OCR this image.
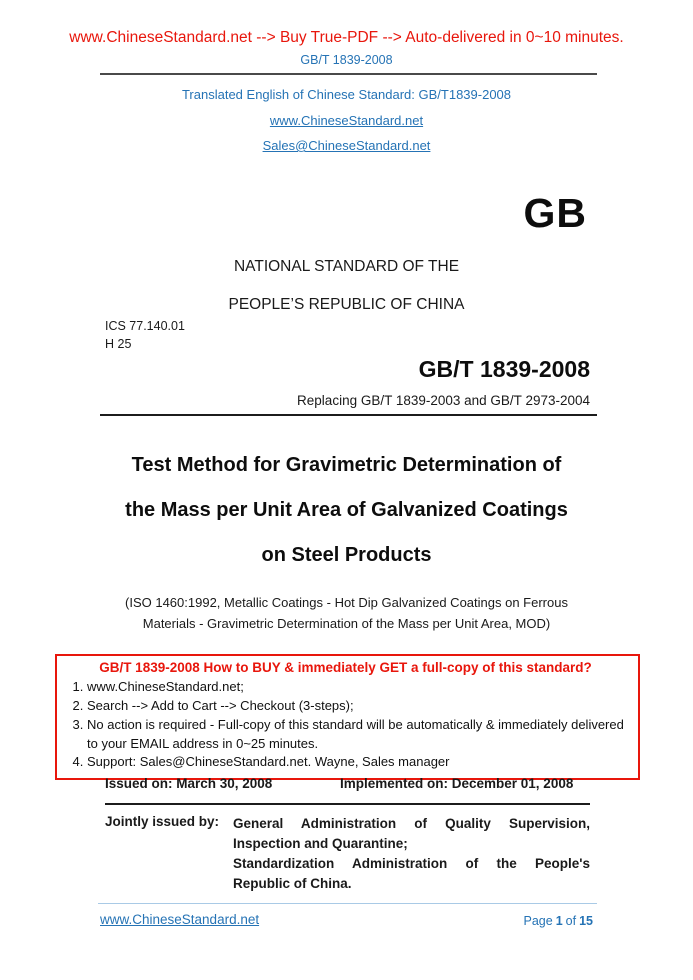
www.ChineseStandard.net --> Buy True-PDF --> Auto-delivered in 0~10 minutes.
GB/T 1839-2008
Translated English of Chinese Standard: GB/T1839-2008
www.ChineseStandard.net
Sales@ChineseStandard.net
GB
NATIONAL STANDARD OF THE
PEOPLE’S REPUBLIC OF CHINA
ICS 77.140.01
H 25
GB/T 1839-2008
Replacing GB/T 1839-2003 and GB/T 2973-2004
Test Method for Gravimetric Determination of
the Mass per Unit Area of Galvanized Coatings
on Steel Products
(ISO 1460:1992, Metallic Coatings - Hot Dip Galvanized Coatings on Ferrous Materials - Gravimetric Determination of the Mass per Unit Area, MOD)
GB/T 1839-2008 How to BUY & immediately GET a full-copy of this standard?
1. www.ChineseStandard.net;
2. Search --> Add to Cart --> Checkout (3-steps);
3. No action is required - Full-copy of this standard will be automatically & immediately delivered to your EMAIL address in 0~25 minutes.
4. Support: Sales@ChineseStandard.net. Wayne, Sales manager
Issued on: March 30, 2008	Implemented on: December 01, 2008
Jointly issued by: General Administration of Quality Supervision, Inspection and Quarantine;
Standardization Administration of the People's Republic of China.
www.ChineseStandard.net	Page 1 of 15
